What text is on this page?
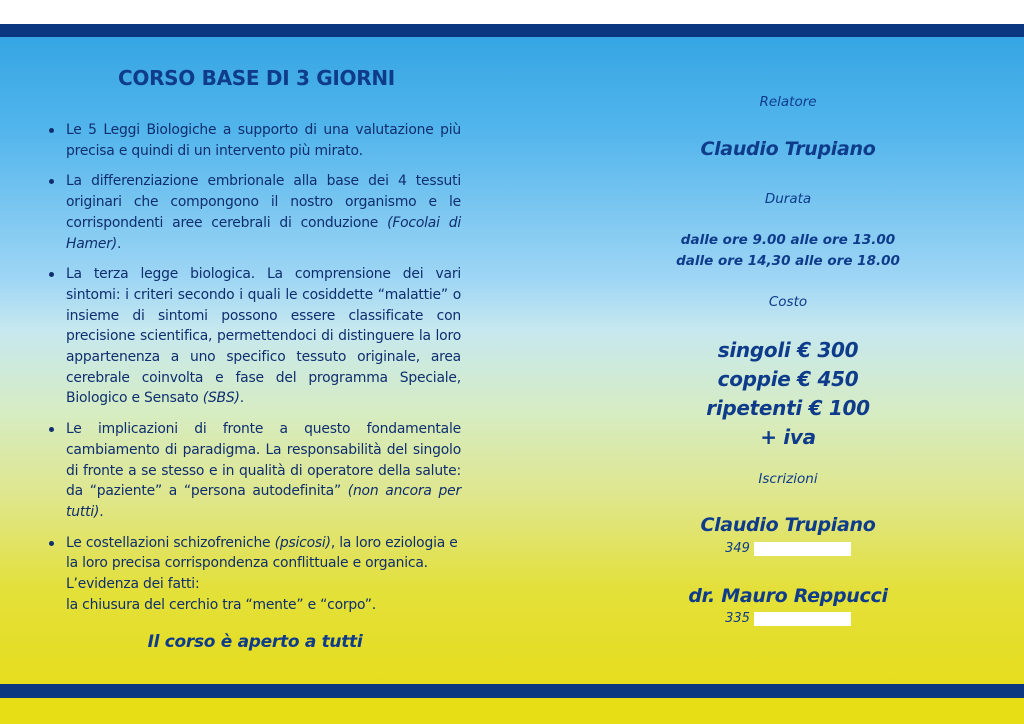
CORSO BASE DI 3 GIORNI
Le 5 Leggi Biologiche a supporto di una valutazione più precisa e quindi di un intervento più mirato.
La differenziazione embrionale alla base dei 4 tessuti originari che compongono il nostro organismo e le corrispondenti aree cerebrali di conduzione (Focolai di Hamer).
La terza legge biologica. La comprensione dei vari sintomi: i criteri secondo i quali le cosiddette “malattie” o insieme di sintomi possono essere classificate con precisione scientifica, permettendoci di distinguere la loro appartenenza a uno specifico tessuto originale, area cerebrale coinvolta e fase del programma Speciale, Biologico e Sensato (SBS).
Le implicazioni di fronte a questo fondamentale cambiamento di paradigma. La responsabilità del singolo di fronte a se stesso e in qualità di operatore della salute: da “paziente” a “persona autodefinita” (non ancora per tutti).
Le costellazioni schizofreniche (psicosi), la loro eziologia e la loro precisa corrispondenza conflittuale e organica.
L’evidenza dei fatti:
la chiusura del cerchio tra “mente” e “corpo”.
Il corso è aperto a tutti
Relatore
Claudio Trupiano
Durata
dalle ore 9.00 alle ore 13.00
dalle ore 14,30 alle ore 18.00
Costo
singoli € 300
coppie € 450
ripetenti € 100
+ iva
Iscrizioni
Claudio Trupiano
349
dr. Mauro Reppucci
335
